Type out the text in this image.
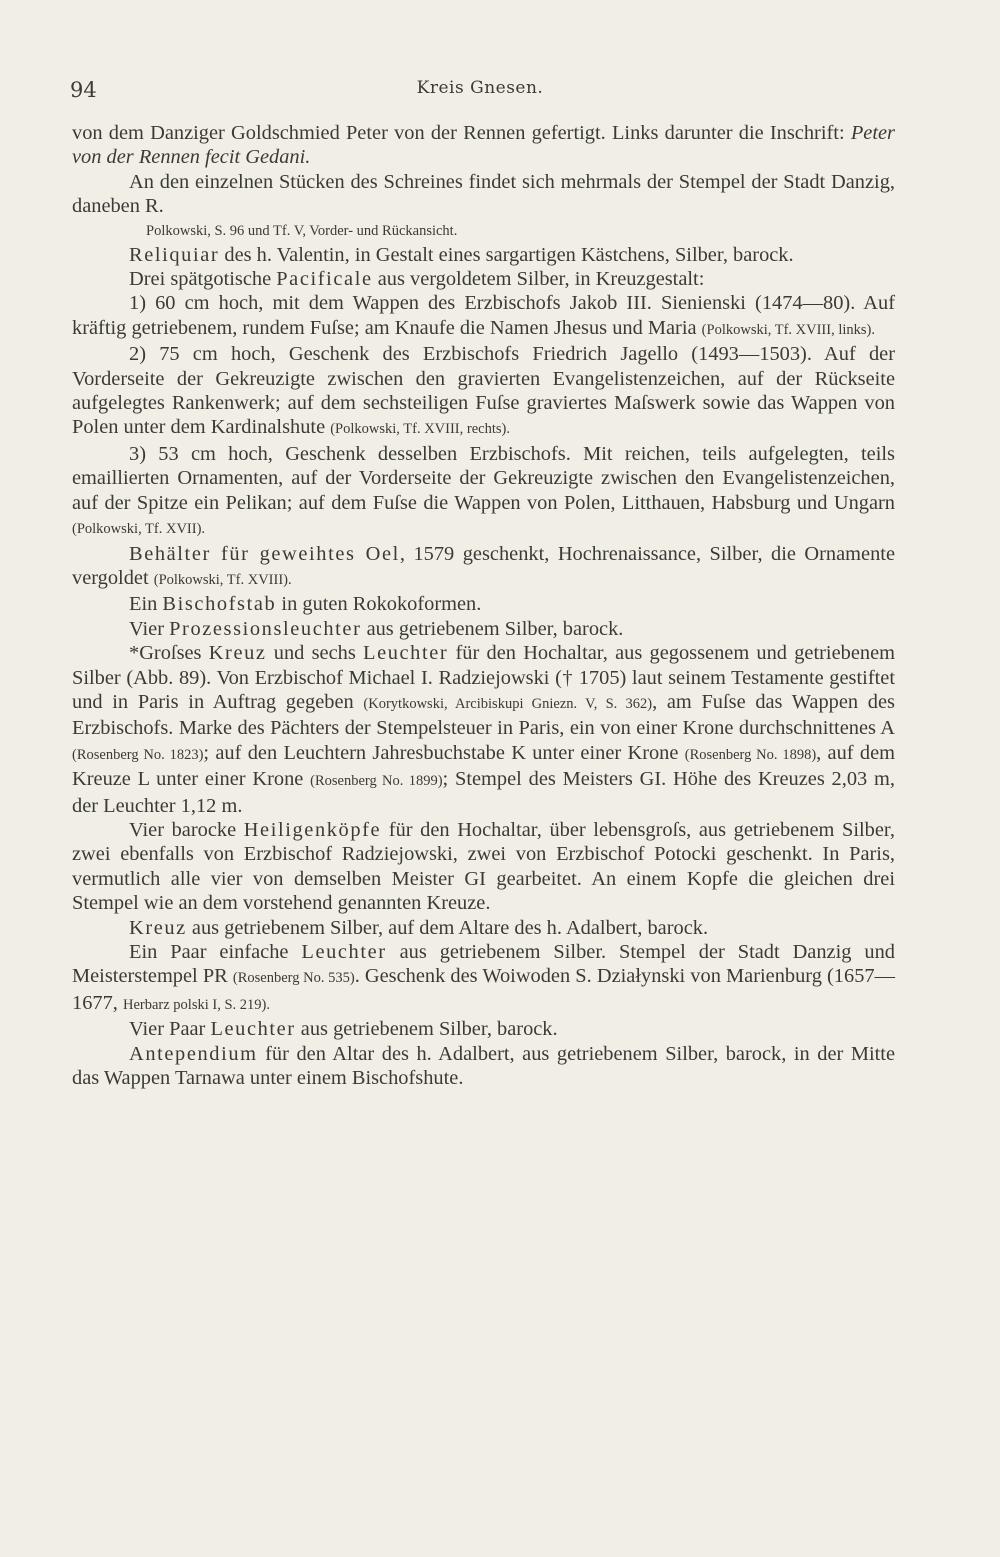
94	Kreis Gnesen.

von dem Danziger Goldschmied Peter von der Rennen gefertigt. Links darunter die Inschrift: Peter von der Rennen fecit Gedani.

An den einzelnen Stücken des Schreines findet sich mehrmals der Stempel der Stadt Danzig, daneben R.

Polkowski, S. 96 und Tf. V, Vorder- und Rückansicht.

Reliquiar des h. Valentin, in Gestalt eines sargartigen Kästchens, Silber, barock.

Drei spätgotische Pacificale aus vergoldetem Silber, in Kreuzgestalt:

1) 60 cm hoch, mit dem Wappen des Erzbischofs Jakob III. Sienienski (1474—80). Auf kräftig getriebenem, rundem Fuſse; am Knaufe die Namen Jhesus und Maria (Polkowski, Tf. XVIII, links).

2) 75 cm hoch, Geschenk des Erzbischofs Friedrich Jagello (1493—1503). Auf der Vorderseite der Gekreuzigte zwischen den gravierten Evangelistenzeichen, auf der Rückseite aufgelegtes Rankenwerk; auf dem sechsteiligen Fuſse graviertes Maſswerk sowie das Wappen von Polen unter dem Kardinalshute (Polkowski, Tf. XVIII, rechts).

3) 53 cm hoch, Geschenk desselben Erzbischofs. Mit reichen, teils aufgelegten, teils emaillierten Ornamenten, auf der Vorderseite der Gekreuzigte zwischen den Evangelistenzeichen, auf der Spitze ein Pelikan; auf dem Fuſse die Wappen von Polen, Litthauen, Habsburg und Ungarn (Polkowski, Tf. XVII).

Behälter für geweihtes Oel, 1579 geschenkt, Hochrenaissance, Silber, die Ornamente vergoldet (Polkowski, Tf. XVIII).

Ein Bischofstab in guten Rokokoformen.

Vier Prozessionsleuchter aus getriebenem Silber, barock.

*Groſses Kreuz und sechs Leuchter für den Hochaltar, aus gegossenem und getriebenem Silber (Abb. 89). Von Erzbischof Michael I. Radziejowski († 1705) laut seinem Testamente gestiftet und in Paris in Auftrag gegeben (Korytkowski, Arcibiskupi Gniezn. V, S. 362), am Fuſse das Wappen des Erzbischofs. Marke des Pächters der Stempelsteuer in Paris, ein von einer Krone durchschnittenes A (Rosenberg No. 1823); auf den Leuchtern Jahresbuchstabe K unter einer Krone (Rosenberg No. 1898), auf dem Kreuze L unter einer Krone (Rosenberg No. 1899); Stempel des Meisters GI. Höhe des Kreuzes 2,03 m, der Leuchter 1,12 m.

Vier barocke Heiligenköpfe für den Hochaltar, über lebensgroſs, aus getriebenem Silber, zwei ebenfalls von Erzbischof Radziejowski, zwei von Erzbischof Potocki geschenkt. In Paris, vermutlich alle vier von demselben Meister GI gearbeitet. An einem Kopfe die gleichen drei Stempel wie an dem vorstehend genannten Kreuze.

Kreuz aus getriebenem Silber, auf dem Altare des h. Adalbert, barock.

Ein Paar einfache Leuchter aus getriebenem Silber. Stempel der Stadt Danzig und Meisterstempel PR (Rosenberg No. 535). Geschenk des Woiwoden S. Działynski von Marienburg (1657—1677, Herbarz polski I, S. 219).

Vier Paar Leuchter aus getriebenem Silber, barock.

Antependium für den Altar des h. Adalbert, aus getriebenem Silber, barock, in der Mitte das Wappen Tarnawa unter einem Bischofshute.
